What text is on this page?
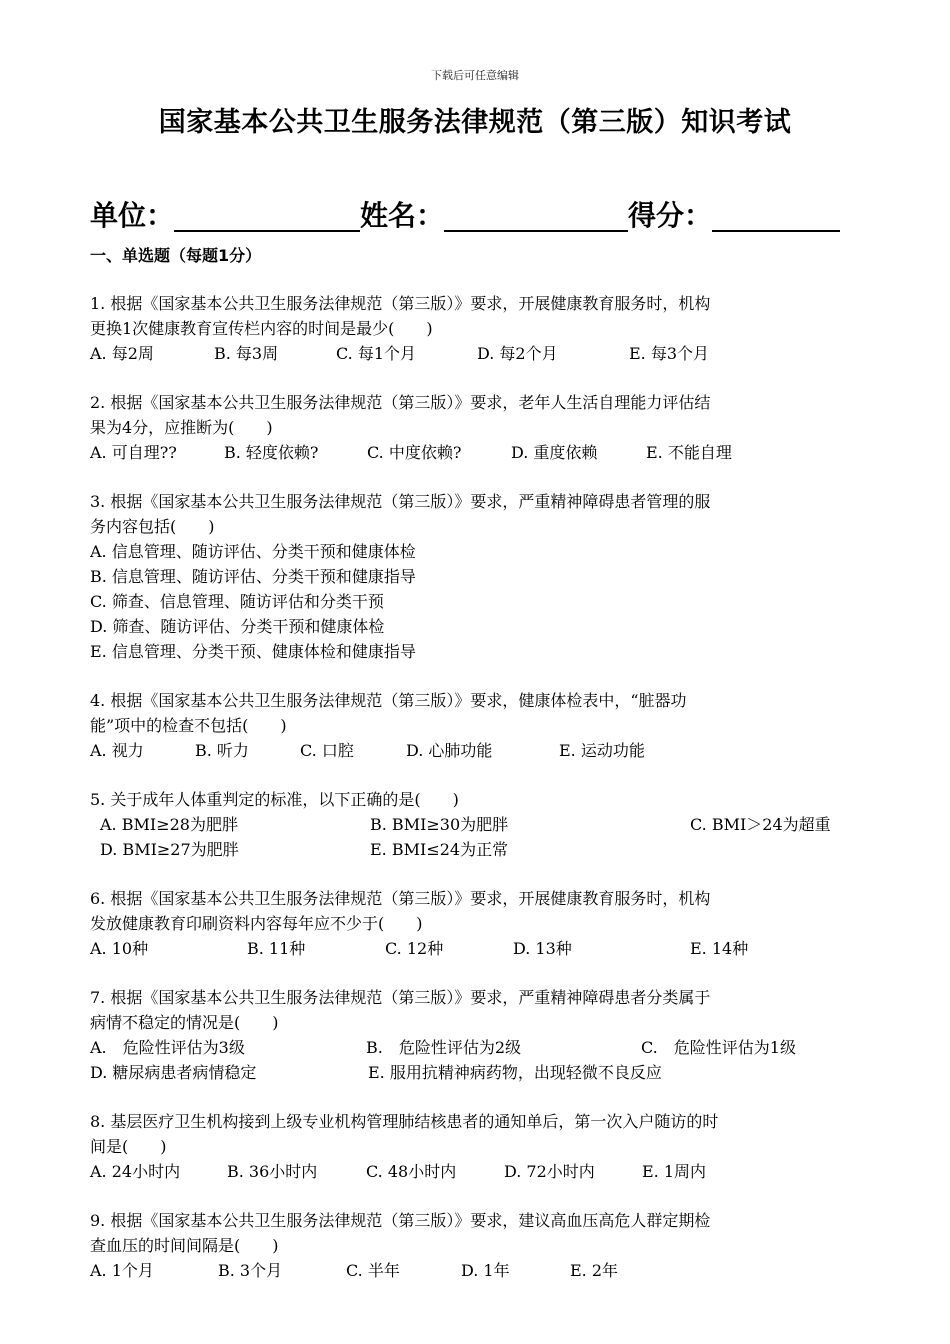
下载后可任意编辑
国家基本公共卫生服务法律规范（第三版）知识考试
单位：	姓名：	得分：
一、单选题（每题1分）
1. 根据《国家基本公共卫生服务法律规范（第三版）》要求，开展健康教育服务时，机构
更换1次健康教育宣传栏内容的时间是最少(　　)
A. 每2周	B. 每3周	C. 每1个月	D. 每2个月	E. 每3个月
2. 根据《国家基本公共卫生服务法律规范（第三版）》要求，老年人生活自理能力评估结
果为4分，应推断为(　　)
A. 可自理??	B. 轻度依赖?	C. 中度依赖?	D. 重度依赖	E. 不能自理
3. 根据《国家基本公共卫生服务法律规范（第三版）》要求，严重精神障碍患者管理的服
务内容包括(　　)
A. 信息管理、随访评估、分类干预和健康体检
B. 信息管理、随访评估、分类干预和健康指导
C. 筛查、信息管理、随访评估和分类干预
D. 筛查、随访评估、分类干预和健康体检
E. 信息管理、分类干预、健康体检和健康指导
4. 根据《国家基本公共卫生服务法律规范（第三版）》要求，健康体检表中，“脏器功
能”项中的检查不包括(　　)
A. 视力	B. 听力	C. 口腔	D. 心肺功能	E. 运动功能
5. 关于成年人体重判定的标准，以下正确的是(　　)
A. BMI≥28为肥胖	B. BMI≥30为肥胖	C. BMI＞24为超重
D. BMI≥27为肥胖	E. BMI≤24为正常
6. 根据《国家基本公共卫生服务法律规范（第三版）》要求，开展健康教育服务时，机构
发放健康教育印刷资料内容每年应不少于(　　)
A. 10种	B. 11种	C. 12种	D. 13种	E. 14种
7. 根据《国家基本公共卫生服务法律规范（第三版）》要求，严重精神障碍患者分类属于
病情不稳定的情况是(　　)
A.　危险性评估为3级	B.　危险性评估为2级	C.　危险性评估为1级
D. 糖尿病患者病情稳定	E. 服用抗精神病药物，出现轻微不良反应
8. 基层医疗卫生机构接到上级专业机构管理肺结核患者的通知单后，第一次入户随访的时
间是(　　)
A. 24小时内	B. 36小时内	C. 48小时内	D. 72小时内	E. 1周内
9. 根据《国家基本公共卫生服务法律规范（第三版）》要求，建议高血压高危人群定期检
查血压的时间间隔是(　　)
A. 1个月	B. 3个月	C. 半年	D. 1年	E. 2年
